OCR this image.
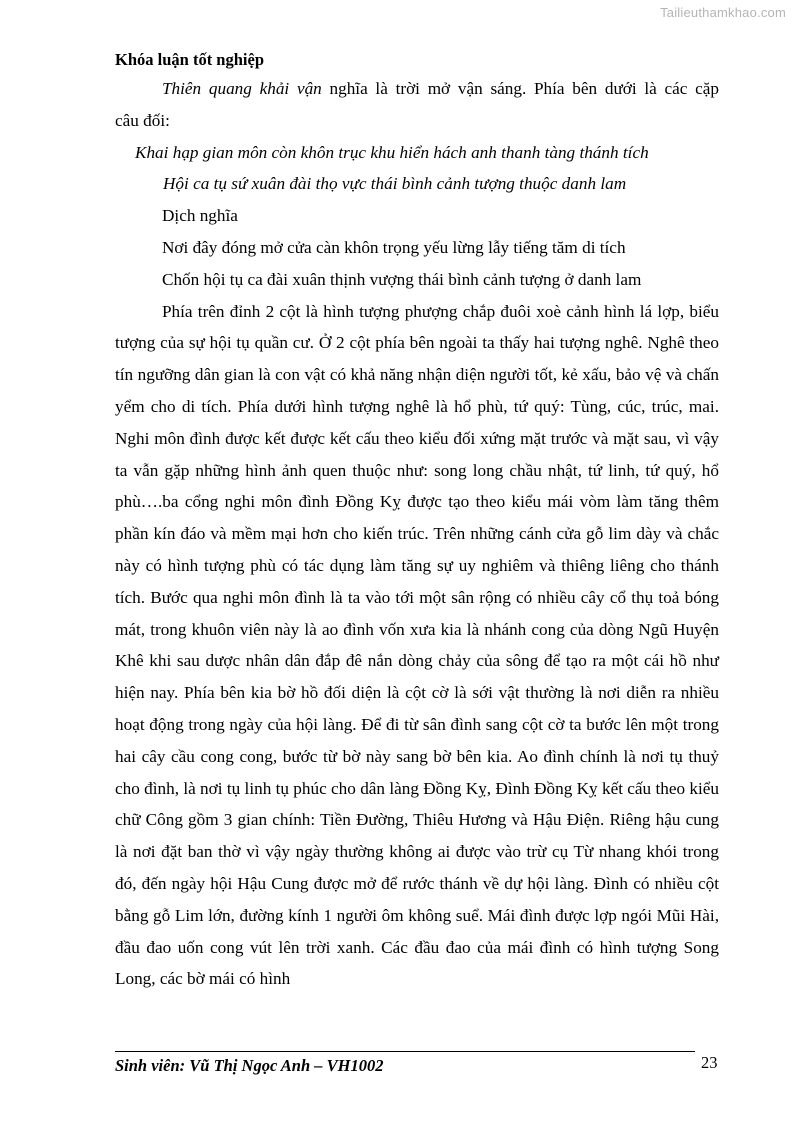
Tailieuthamkhao.com
Khóa luận tốt nghiệp
Thiên quang khải vận nghĩa là trời mở vận sáng. Phía bên dưới là các cặp
câu đối:
Khai hạp gian môn còn khôn trục khu hiển hách anh thanh tàng thánh tích
Hội ca tụ sứ xuân đài thọ vực thái bình cảnh tượng thuộc danh lam
Dịch nghĩa
Nơi đây đóng mở cửa càn khôn trọng yếu lừng lẫy tiếng tăm di tích
Chốn hội tụ ca đài xuân thịnh vượng thái bình cảnh tượng ở danh lam
Phía trên đỉnh 2 cột là hình tượng phượng chắp đuôi xoè cảnh hình lá lợp, biểu tượng của sự hội tụ quần cư. Ở 2 cột phía bên ngoài ta thấy hai tượng nghê. Nghê theo tín ngưỡng dân gian là con vật có khả năng nhận diện người tốt, kẻ xấu, bảo vệ và chấn yểm cho di tích. Phía dưới hình tượng nghê là hổ phù, tứ quý: Tùng, cúc, trúc, mai. Nghi môn đình được kết được kết cấu theo kiểu đối xứng mặt trước và mặt sau, vì vậy ta vẫn gặp những hình ảnh quen thuộc như: song long chầu nhật, tứ linh, tứ quý, hổ phù….ba cổng nghi môn đình Đồng Kỵ được tạo theo kiểu mái vòm làm tăng thêm phần kín đáo và mềm mại hơn cho kiến trúc. Trên những cánh cửa gỗ lim dày và chắc này có hình tượng phù có tác dụng làm tăng sự uy nghiêm và thiêng liêng cho thánh tích. Bước qua nghi môn đình là ta vào tới một sân rộng có nhiều cây cổ thụ toả bóng mát, trong khuôn viên này là ao đình vốn xưa kia là nhánh cong của dòng Ngũ Huyện Khê khi sau dược nhân dân đắp đê nắn dòng chảy của sông để tạo ra một cái hồ như hiện nay. Phía bên kia bờ hồ đối diện là cột cờ là sới vật thường là nơi diễn ra nhiều hoạt động trong ngày của hội làng. Để đi từ sân đình sang cột cờ ta bước lên một trong hai cây cầu cong cong, bước từ bờ này sang bờ bên kia. Ao đình chính là nơi tụ thuỷ cho đình, là nơi tụ linh tụ phúc cho dân làng Đồng Kỵ, Đình Đồng Kỵ kết cấu theo kiểu chữ Công gồm 3 gian chính: Tiền Đường, Thiêu Hương và Hậu Điện. Riêng hậu cung là nơi đặt ban thờ vì vậy ngày thường không ai được vào trừ cụ Từ nhang khói trong đó, đến ngày hội Hậu Cung được mở để rước thánh về dự hội làng. Đình có nhiều cột bằng gỗ Lim lớn, đường kính 1 người ôm không suể. Mái đình được lợp ngói Mũi Hài, đầu đao uốn cong vút lên trời xanh. Các đầu đao của mái đình có hình tượng Song Long, các bờ mái có hình
Sinh viên: Vũ Thị Ngọc Anh – VH1002	23
